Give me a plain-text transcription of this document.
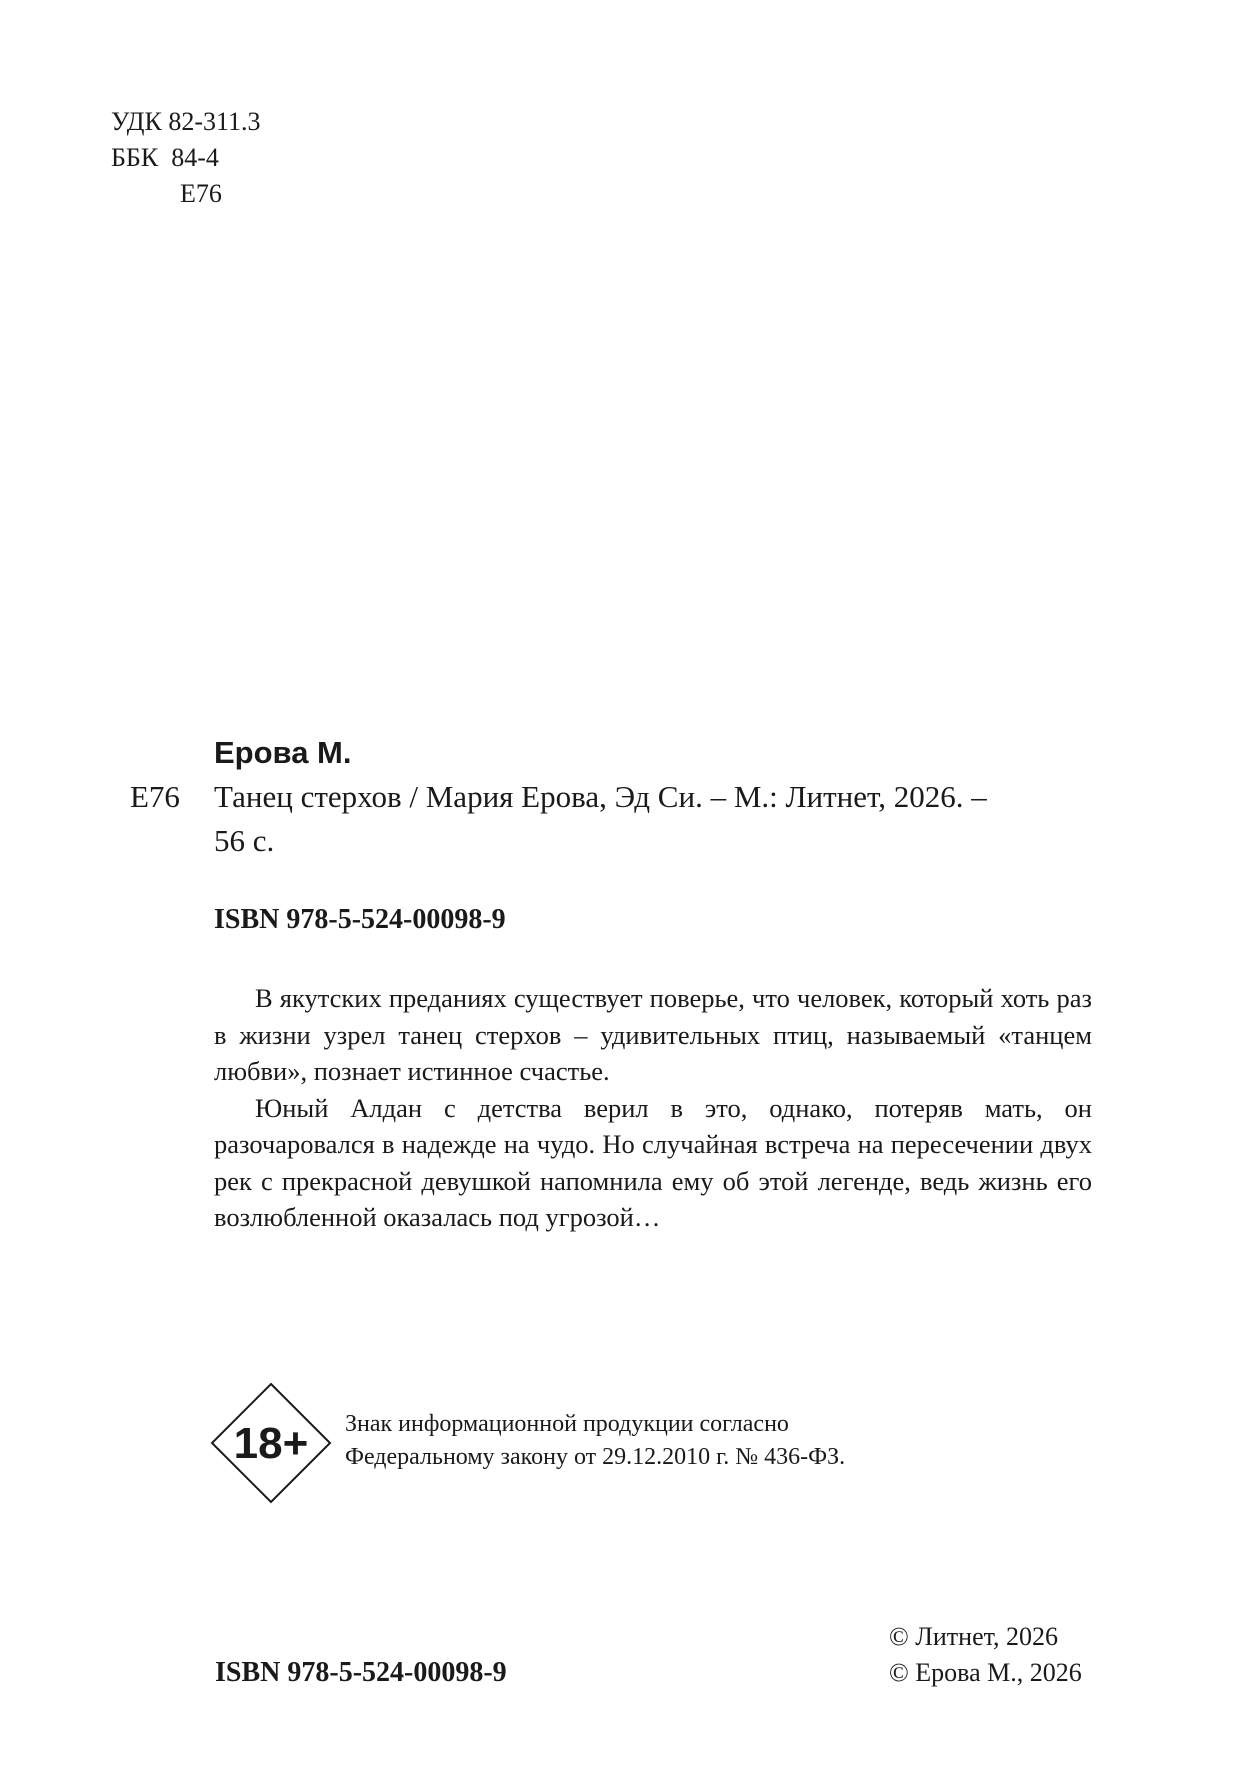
УДК 82-311.3
ББК 84-4
Е76
Ерова М.
Е76 Танец стерхов / Мария Ерова, Эд Си. – М.: Литнет, 2026. –
56 с.
ISBN 978-5-524-00098-9

В якутских преданиях существует поверье, что человек, который хоть раз в жизни узрел танец стерхов – удивительных птиц, называемый «танцем любви», познает истинное счастье.

Юный Алдан с детства верил в это, однако, потеряв мать, он разочаровался в надежде на чудо. Но случайная встреча на пересечении двух рек с прекрасной девушкой напомнила ему об этой легенде, ведь жизнь его возлюбленной оказалась под угрозой…

18+ Знак информационной продукции согласно
Федеральному закону от 29.12.2010 г. № 436-ФЗ.
© Литнет, 2026
ISBN 978-5-524-00098-9	© Ерова М., 2026
